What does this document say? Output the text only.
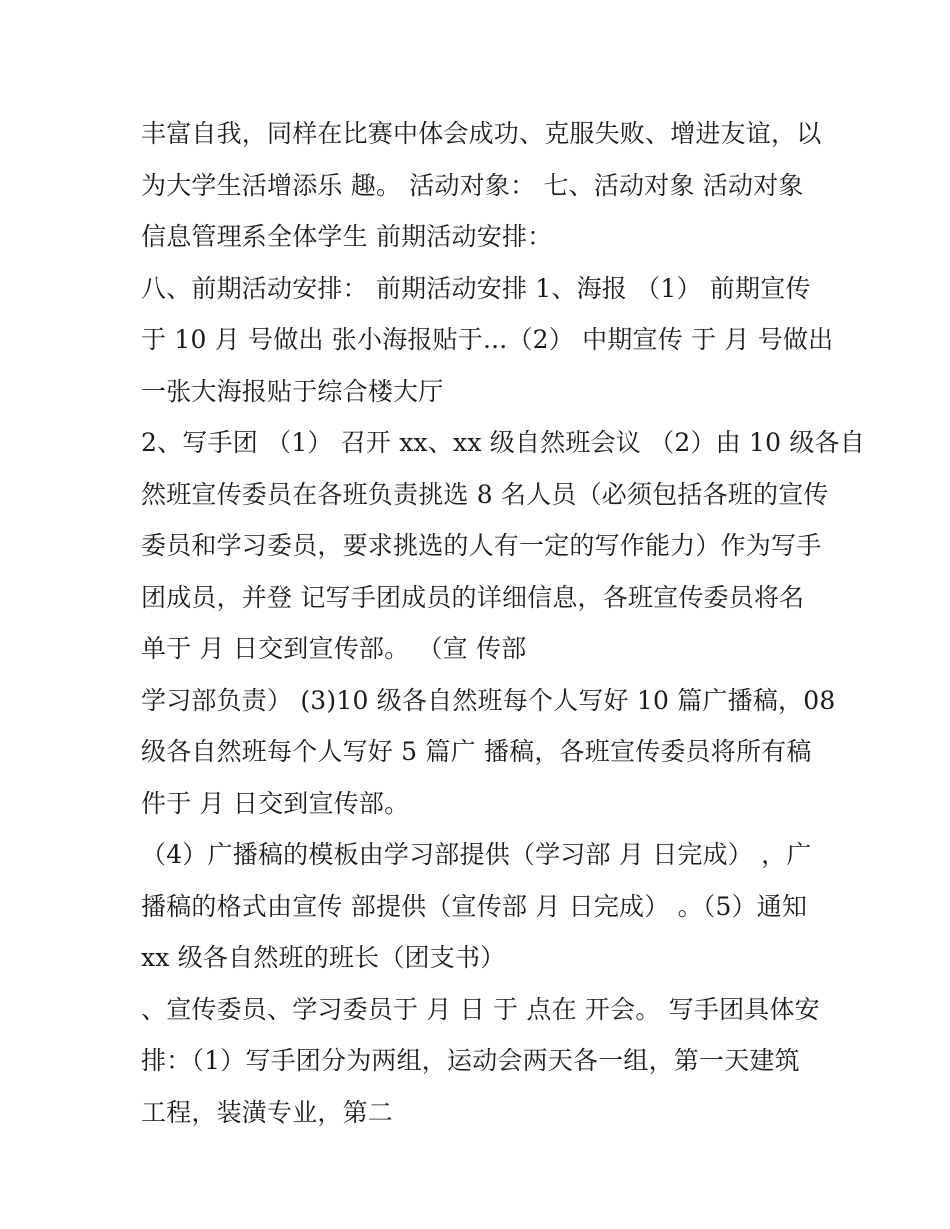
丰富自我，同样在比赛中体会成功、克服失败、增进友谊，以
为大学生活增添乐 趣。 活动对象： 七、活动对象 活动对象
信息管理系全体学生 前期活动安排：
八、前期活动安排： 前期活动安排 1、海报 （1） 前期宣传
于 10 月 号做出 张小海报贴于...（2） 中期宣传 于 月 号做出
一张大海报贴于综合楼大厅
2、写手团 （1） 召开 xx、xx 级自然班会议 （2）由 10 级各自
然班宣传委员在各班负责挑选 8 名人员（必须包括各班的宣传
委员和学习委员，要求挑选的人有一定的写作能力）作为写手
团成员，并登 记写手团成员的详细信息，各班宣传委员将名
单于 月 日交到宣传部。 （宣 传部
学习部负责） (3)10 级各自然班每个人写好 10 篇广播稿，08
级各自然班每个人写好 5 篇广 播稿，各班宣传委员将所有稿
件于 月 日交到宣传部。
（4）广播稿的模板由学习部提供（学习部 月 日完成） ，广
播稿的格式由宣传 部提供（宣传部 月 日完成） 。（5）通知
xx 级各自然班的班长（团支书）
、宣传委员、学习委员于 月 日 于 点在 开会。 写手团具体安
排：（1）写手团分为两组，运动会两天各一组，第一天建筑
工程，装潢专业，第二
